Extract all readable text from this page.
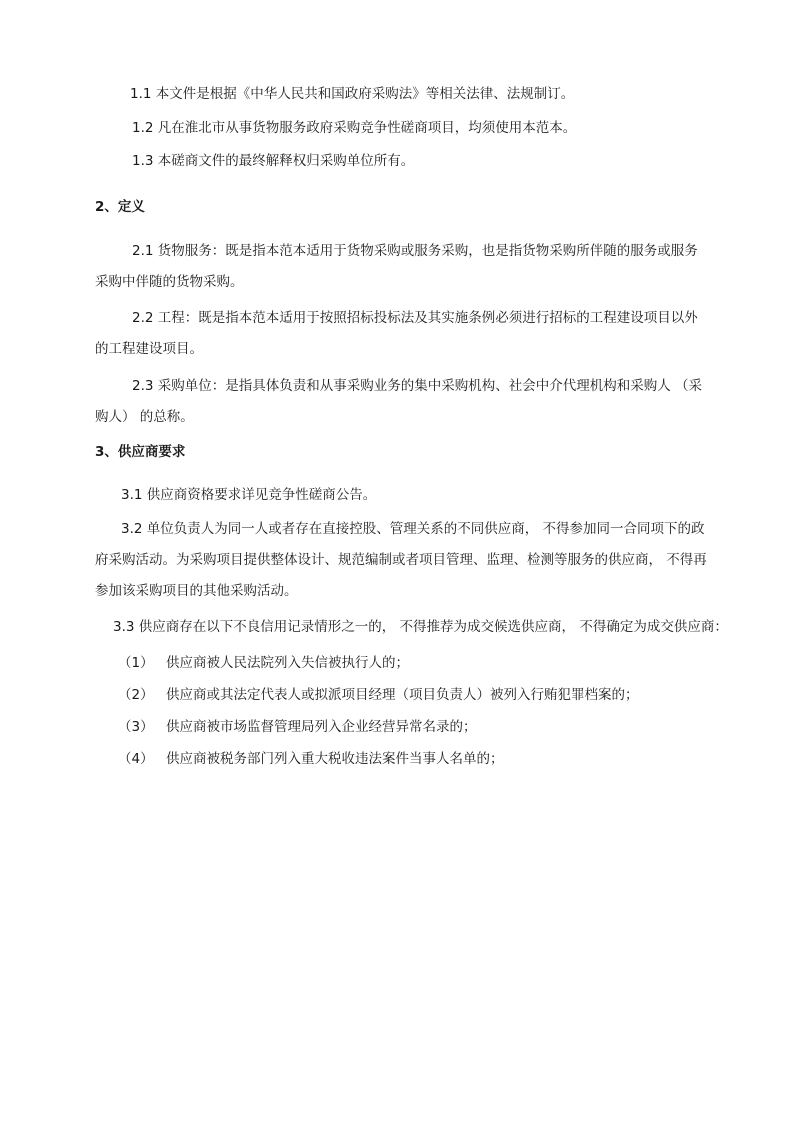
1.1 本文件是根据《中华人民共和国政府采购法》等相关法律、法规制订。

1.2 凡在淮北市从事货物服务政府采购竞争性磋商项目，均须使用本范本。

1.3 本磋商文件的最终解释权归采购单位所有。

2、定义

2.1 货物服务：既是指本范本适用于货物采购或服务采购，也是指货物采购所伴随的服务或服务

采购中伴随的货物采购。

2.2 工程：既是指本范本适用于按照招标投标法及其实施条例必须进行招标的工程建设项目以外

的工程建设项目。

2.3 采购单位：是指具体负责和从事采购业务的集中采购机构、社会中介代理机构和采购人 （采

购人） 的总称。

3、供应商要求

3.1 供应商资格要求详见竞争性磋商公告。

3.2 单位负责人为同一人或者存在直接控股、管理关系的不同供应商， 不得参加同一合同项下的政

府采购活动。为采购项目提供整体设计、规范编制或者项目管理、监理、检测等服务的供应商， 不得再

参加该采购项目的其他采购活动。

3.3 供应商存在以下不良信用记录情形之一的， 不得推荐为成交候选供应商， 不得确定为成交供应商：

（1） 供应商被人民法院列入失信被执行人的；
（2） 供应商或其法定代表人或拟派项目经理（项目负责人）被列入行贿犯罪档案的；
（3） 供应商被市场监督管理局列入企业经营异常名录的；
（4） 供应商被税务部门列入重大税收违法案件当事人名单的；
